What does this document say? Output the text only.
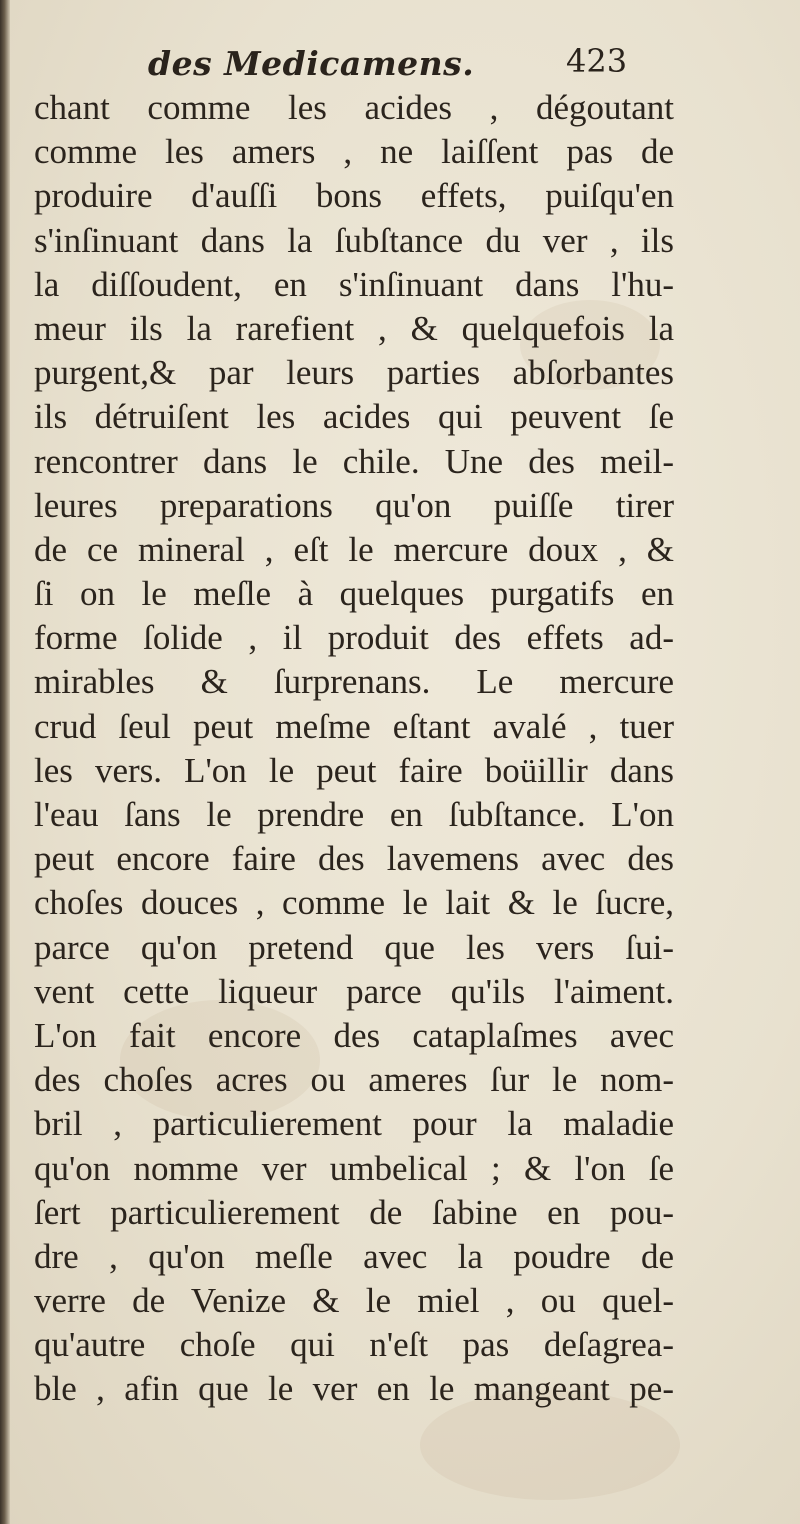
des Medicamens.	423
chant comme les acides , dégoutant
comme les amers , ne laiſſent pas de
produire d'auſſi bons effets, puiſqu'en
s'inſinuant dans la ſubſtance du ver , ils
la diſſoudent, en s'inſinuant dans l'hu-
meur ils la rarefient , & quelquefois la
purgent,& par leurs parties abſorbantes
ils détruiſent les acides qui peuvent ſe
rencontrer dans le chile. Une des meil-
leures preparations qu'on puiſſe tirer
de ce mineral , eſt le mercure doux , &
ſi on le meſle à quelques purgatifs en
forme ſolide , il produit des effets ad-
mirables & ſurprenans. Le mercure
crud ſeul peut meſme eſtant avalé , tuer
les vers. L'on le peut faire boüillir dans
l'eau ſans le prendre en ſubſtance. L'on
peut encore faire des lavemens avec des
choſes douces , comme le lait & le ſucre,
parce qu'on pretend que les vers ſui-
vent cette liqueur parce qu'ils l'aiment.
L'on fait encore des cataplaſmes avec
des choſes acres ou ameres ſur le nom-
bril , particulierement pour la maladie
qu'on nomme ver umbelical ; & l'on ſe
ſert particulierement de ſabine en pou-
dre , qu'on meſle avec la poudre de
verre de Venize & le miel , ou quel-
qu'autre choſe qui n'eſt pas deſagrea-
ble , afin que le ver en le mangeant pe-
